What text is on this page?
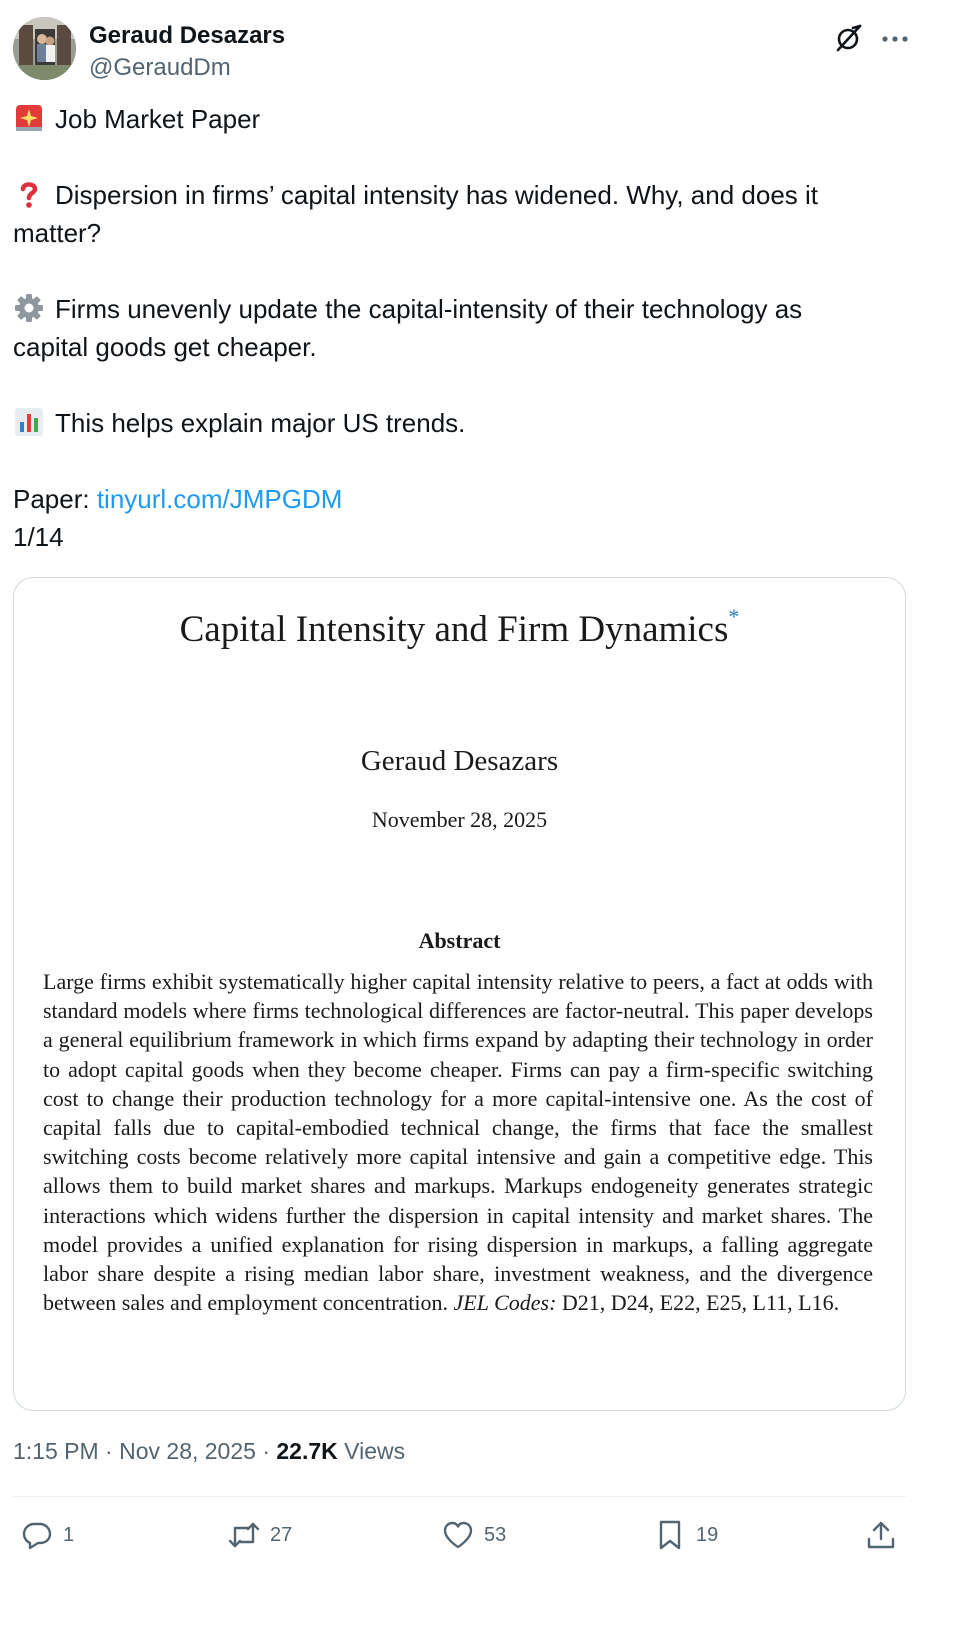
Geraud Desazars
@GeraudDm
Job Market Paper
Dispersion in firms’ capital intensity has widened. Why, and does it
matter?
Firms unevenly update the capital-intensity of their technology as
capital goods get cheaper.
This helps explain major US trends.
Paper: tinyurl.com/JMPGDM
1/14
Capital Intensity and Firm Dynamics*
Geraud Desazars
November 28, 2025
Abstract
Large firms exhibit systematically higher capital intensity relative to peers, a fact at odds with standard models where firms technological differences are factor-neutral. This paper develops a general equilibrium framework in which firms expand by adapting their technology in order to adopt capital goods when they become cheaper. Firms can pay a firm-specific switching cost to change their production technology for a more capital-intensive one. As the cost of capital falls due to capital-embodied technical change, the firms that face the smallest switching costs become relatively more capital intensive and gain a competitive edge. This allows them to build market shares and markups. Markups endogeneity generates strategic interactions which widens further the dispersion in capital intensity and market shares. The model provides a unified explanation for rising dispersion in markups, a falling aggregate labor share despite a rising median labor share, investment weakness, and the divergence between sales and employment concentration. JEL Codes: D21, D24, E22, E25, L11, L16.
1:15 PM · Nov 28, 2025 · 22.7K Views
1	27	53	19
